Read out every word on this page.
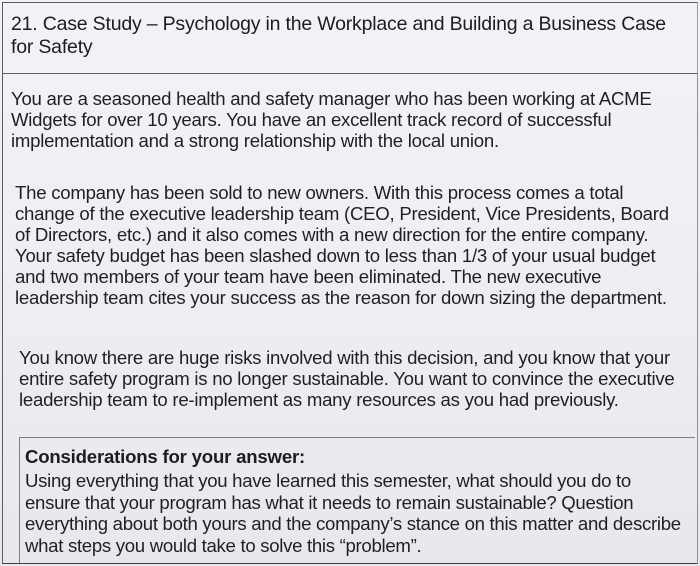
21. Case Study – Psychology in the Workplace and Building a Business Case for Safety

You are a seasoned health and safety manager who has been working at ACME Widgets for over 10 years. You have an excellent track record of successful implementation and a strong relationship with the local union.

The company has been sold to new owners. With this process comes a total change of the executive leadership team (CEO, President, Vice Presidents, Board of Directors, etc.) and it also comes with a new direction for the entire company. Your safety budget has been slashed down to less than 1/3 of your usual budget and two members of your team have been eliminated. The new executive leadership team cites your success as the reason for down sizing the department.

You know there are huge risks involved with this decision, and you know that your entire safety program is no longer sustainable. You want to convince the executive leadership team to re-implement as many resources as you had previously.

Considerations for your answer:

Using everything that you have learned this semester, what should you do to ensure that your program has what it needs to remain sustainable? Question everything about both yours and the company’s stance on this matter and describe what steps you would take to solve this “problem”.
